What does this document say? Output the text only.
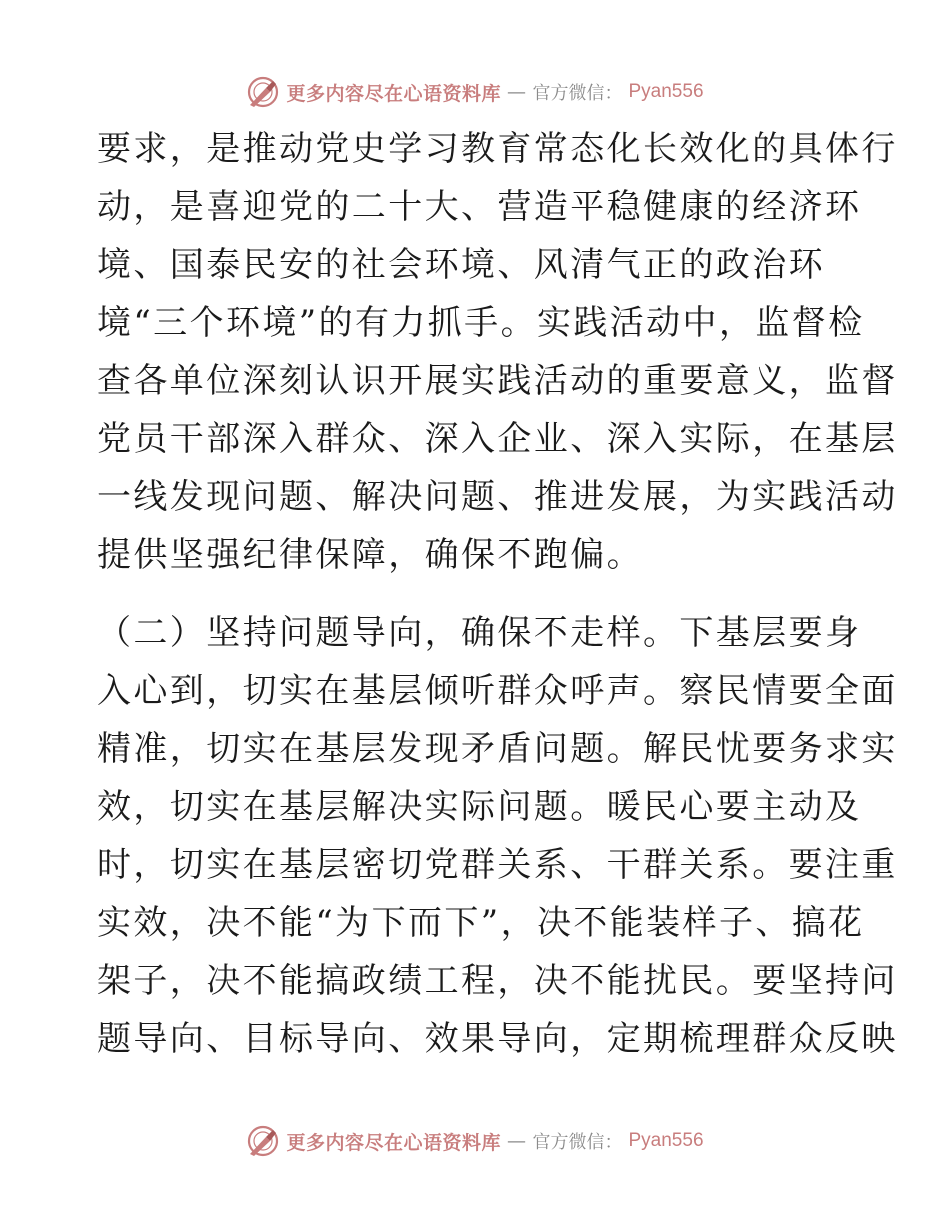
更多内容尽在心语资料库 — 官方微信： Pyan556
要求，是推动党史学习教育常态化长效化的具体行
动，是喜迎党的二十大、营造平稳健康的经济环
境、国泰民安的社会环境、风清气正的政治环
境“三个环境”的有力抓手。实践活动中，监督检
查各单位深刻认识开展实践活动的重要意义，监督
党员干部深入群众、深入企业、深入实际，在基层
一线发现问题、解决问题、推进发展，为实践活动
提供坚强纪律保障，确保不跑偏。
（二）坚持问题导向，确保不走样。下基层要身
入心到，切实在基层倾听群众呼声。察民情要全面
精准，切实在基层发现矛盾问题。解民忧要务求实
效，切实在基层解决实际问题。暖民心要主动及
时，切实在基层密切党群关系、干群关系。要注重
实效，决不能“为下而下”，决不能装样子、搞花
架子，决不能搞政绩工程，决不能扰民。要坚持问
题导向、目标导向、效果导向，定期梳理群众反映
更多内容尽在心语资料库 — 官方微信： Pyan556
